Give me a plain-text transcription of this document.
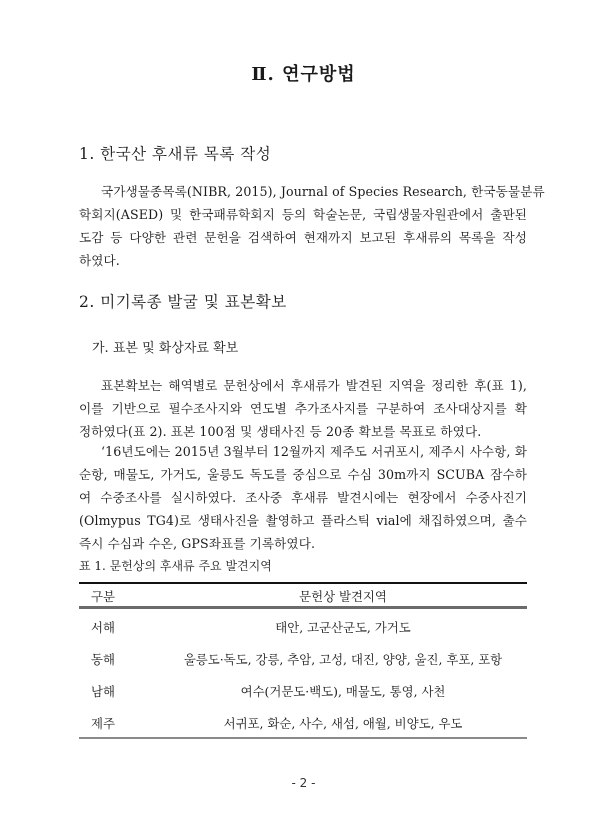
Ⅱ. 연구방법
1. 한국산 후새류 목록 작성
국가생물종목록(NIBR, 2015), Journal of Species Research, 한국동물분류
학회지(ASED) 및 한국패류학회지 등의 학술논문, 국립생물자원관에서 출판된
도감 등 다양한 관련 문헌을 검색하여 현재까지 보고된 후새류의 목록을 작성
하였다.
2. 미기록종 발굴 및 표본확보
가. 표본 및 화상자료 확보
표본확보는 해역별로 문헌상에서 후새류가 발견된 지역을 정리한 후(표 1),
이를 기반으로 필수조사지와 연도별 추가조사지를 구분하여 조사대상지를 확
정하였다(표 2). 표본 100점 및 생태사진 등 20종 확보를 목표로 하였다.
‘16년도에는 2015년 3월부터 12월까지 제주도 서귀포시, 제주시 사수항, 화
순항, 매물도, 가거도, 울릉도 독도를 중심으로 수심 30m까지 SCUBA 잠수하
여 수중조사를 실시하였다. 조사중 후새류 발견시에는 현장에서 수중사진기
(Olmypus TG4)로 생태사진을 촬영하고 플라스틱 vial에 채집하였으며, 출수
즉시 수심과 수온, GPS좌표를 기록하였다.
표 1. 문헌상의 후새류 주요 발견지역
구분	문헌상 발견지역
서해	태안, 고군산군도, 가거도
동해	울릉도·독도, 강릉, 추암, 고성, 대진, 양양, 울진, 후포, 포항
남해	여수(거문도·백도), 매물도, 통영, 사천
제주	서귀포, 화순, 사수, 새섬, 애월, 비양도, 우도
- 2 -
